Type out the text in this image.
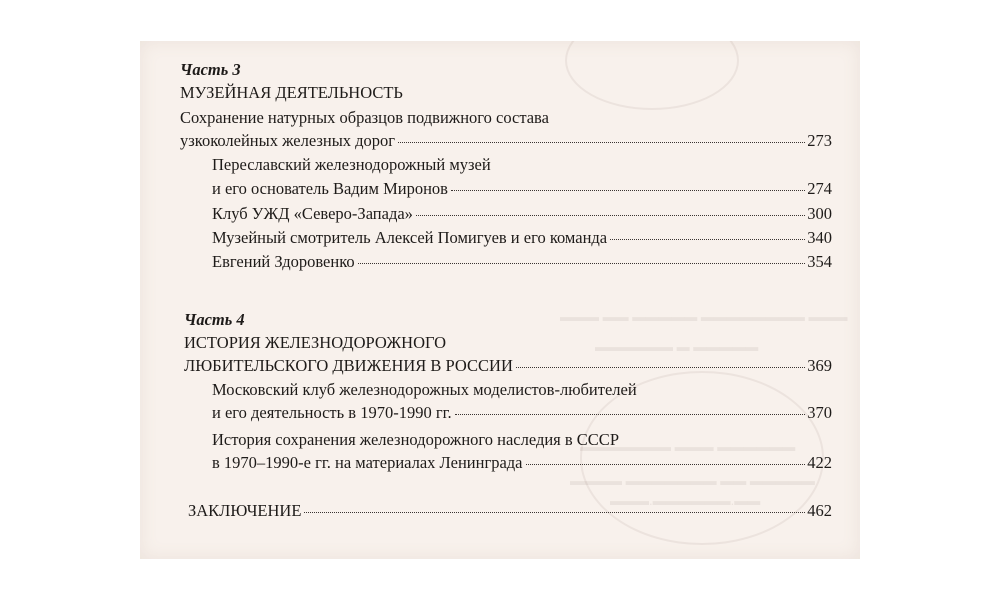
▬▬▬ ▬▬ ▬▬▬▬▬ ▬▬▬▬▬▬▬▬ ▬▬▬
▬▬▬▬▬▬ ▬ ▬▬▬▬▬
▬▬▬▬▬▬▬ ▬▬▬ ▬▬▬▬▬▬
▬▬▬▬ ▬▬▬▬▬▬▬ ▬▬ ▬▬▬▬▬
▬▬▬.▬▬▬▬▬▬.▬▬
Часть 3
МУЗЕЙНАЯ ДЕЯТЕЛЬНОСТЬ
Сохранение натурных образцов подвижного состава
узкоколейных железных дорог	273
Переславский железнодорожный музей
и его основатель Вадим Миронов	274
Клуб УЖД «Северо-Запада»	300
Музейный смотритель Алексей Помигуев и его команда	340
Евгений Здоровенко	354
Часть 4
ИСТОРИЯ ЖЕЛЕЗНОДОРОЖНОГО
ЛЮБИТЕЛЬСКОГО ДВИЖЕНИЯ В РОССИИ	369
Московский клуб железнодорожных моделистов-любителей
и его деятельность в 1970-1990 гг.	370
История сохранения железнодорожного наследия в СССР
в 1970–1990-е гг. на материалах Ленинграда	422
ЗАКЛЮЧЕНИЕ	462
